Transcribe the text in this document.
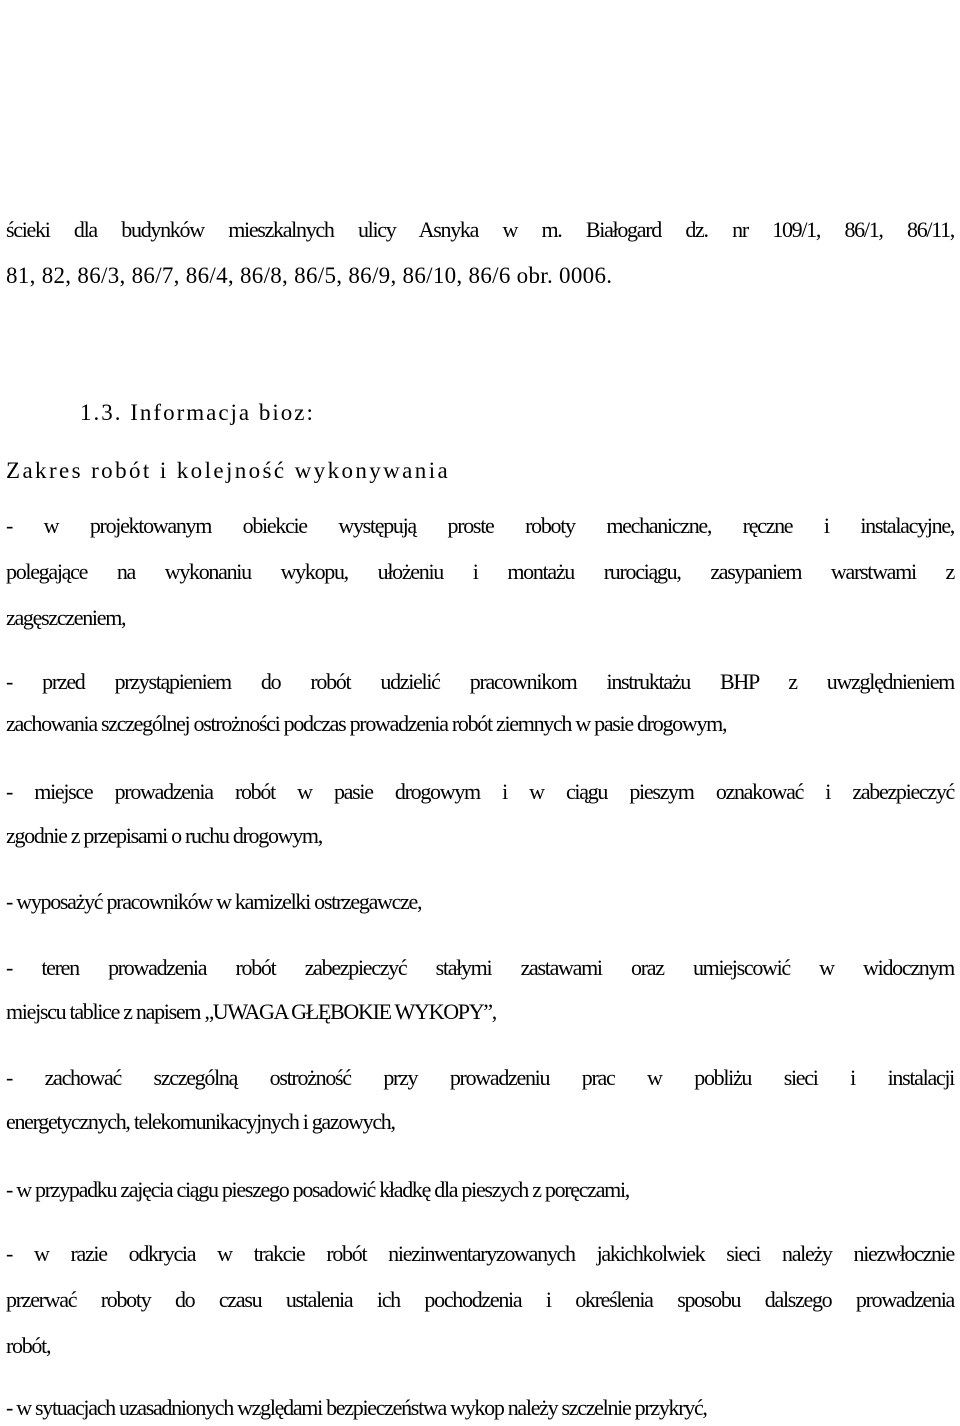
ścieki dla budynków mieszkalnych ulicy Asnyka w m. Białogard dz. nr 109/1, 86/1, 86/11,
81, 82, 86/3, 86/7, 86/4, 86/8, 86/5, 86/9, 86/10, 86/6 obr. 0006.
1.3. Informacja bioz:
Zakres robót i kolejność wykonywania
- w projektowanym obiekcie występują proste roboty mechaniczne, ręczne i instalacyjne,
polegające na wykonaniu wykopu, ułożeniu i montażu rurociągu, zasypaniem warstwami z
zagęszczeniem,
- przed przystąpieniem do robót udzielić pracownikom instruktażu BHP z uwzględnieniem
zachowania szczególnej ostrożności podczas prowadzenia robót ziemnych w pasie drogowym,
- miejsce prowadzenia robót w pasie drogowym i w ciągu pieszym oznakować i zabezpieczyć
zgodnie z przepisami o ruchu drogowym,
- wyposażyć pracowników w kamizelki ostrzegawcze,
- teren prowadzenia robót zabezpieczyć stałymi zastawami oraz umiejscowić w widocznym
miejscu tablice z napisem „UWAGA GŁĘBOKIE WYKOPY”,
- zachować szczególną ostrożność przy prowadzeniu prac w pobliżu sieci i instalacji
energetycznych, telekomunikacyjnych i gazowych,
- w przypadku zajęcia ciągu pieszego posadowić kładkę dla pieszych z poręczami,
- w razie odkrycia w trakcie robót niezinwentaryzowanych jakichkolwiek sieci należy niezwłocznie
przerwać roboty do czasu ustalenia ich pochodzenia i określenia sposobu dalszego prowadzenia
robót,
- w sytuacjach uzasadnionych względami bezpieczeństwa wykop należy szczelnie przykryć,
